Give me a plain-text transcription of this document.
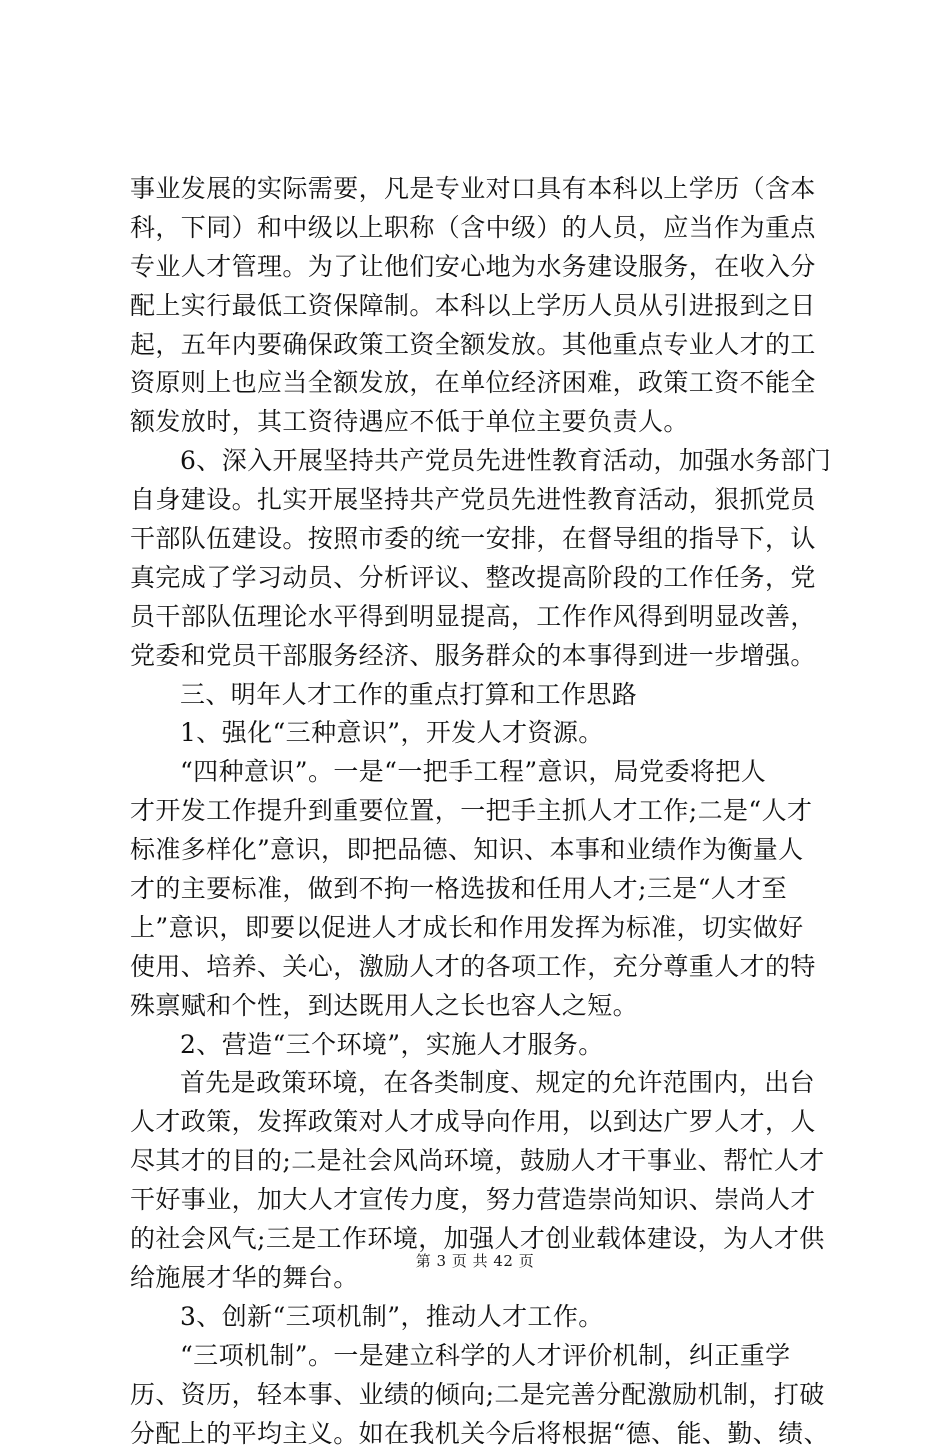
事业发展的实际需要，凡是专业对口具有本科以上学历（含本
科，下同）和中级以上职称（含中级）的人员，应当作为重点
专业人才管理。为了让他们安心地为水务建设服务，在收入分
配上实行最低工资保障制。本科以上学历人员从引进报到之日
起，五年内要确保政策工资全额发放。其他重点专业人才的工
资原则上也应当全额发放，在单位经济困难，政策工资不能全
额发放时，其工资待遇应不低于单位主要负责人。
6、深入开展坚持共产党员先进性教育活动，加强水务部门
自身建设。扎实开展坚持共产党员先进性教育活动，狠抓党员
干部队伍建设。按照市委的统一安排，在督导组的指导下，认
真完成了学习动员、分析评议、整改提高阶段的工作任务，党
员干部队伍理论水平得到明显提高，工作作风得到明显改善，
党委和党员干部服务经济、服务群众的本事得到进一步增强。
三、明年人才工作的重点打算和工作思路
1、强化“三种意识”，开发人才资源。
“四种意识”。一是“一把手工程”意识，局党委将把人
才开发工作提升到重要位置，一把手主抓人才工作;二是“人才
标准多样化”意识，即把品德、知识、本事和业绩作为衡量人
才的主要标准，做到不拘一格选拔和任用人才;三是“人才至
上”意识，即要以促进人才成长和作用发挥为标准，切实做好
使用、培养、关心，激励人才的各项工作，充分尊重人才的特
殊禀赋和个性，到达既用人之长也容人之短。
2、营造“三个环境”，实施人才服务。
首先是政策环境，在各类制度、规定的允许范围内，出台
人才政策，发挥政策对人才成导向作用，以到达广罗人才，人
尽其才的目的;二是社会风尚环境，鼓励人才干事业、帮忙人才
干好事业，加大人才宣传力度，努力营造崇尚知识、崇尚人才
的社会风气;三是工作环境，加强人才创业载体建设，为人才供
给施展才华的舞台。
3、创新“三项机制”，推动人才工作。
“三项机制”。一是建立科学的人才评价机制，纠正重学
历、资历，轻本事、业绩的倾向;二是完善分配激励机制，打破
分配上的平均主义。如在我机关今后将根据“德、能、勤、绩、
第 3 页 共 42 页
